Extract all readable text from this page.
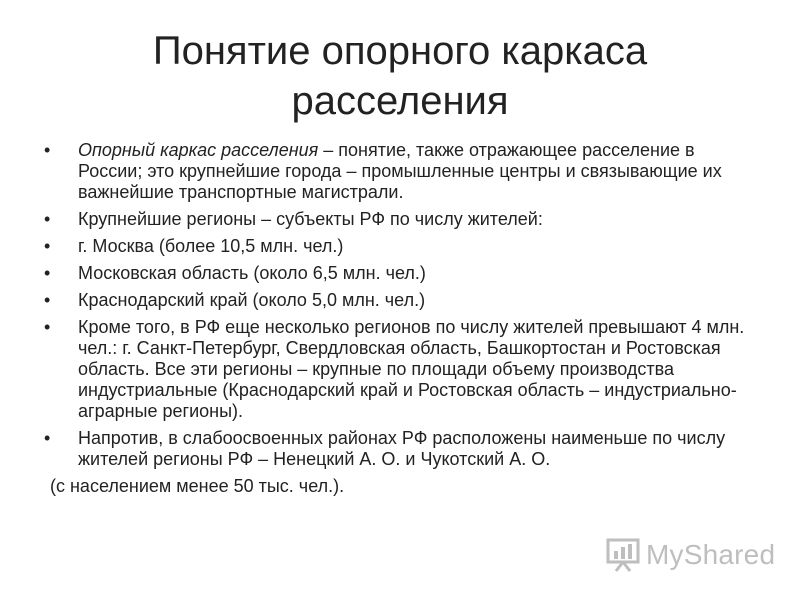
Понятие опорного каркаса
расселения
• Опорный каркас расселения – понятие, также отражающее расселение в России; это крупнейшие города – промышленные центры и связывающие их важнейшие транспортные магистрали.
• Крупнейшие регионы – субъекты РФ по числу жителей:
• г. Москва (более 10,5 млн. чел.)
• Московская область (около 6,5 млн. чел.)
• Краснодарский край (около 5,0 млн. чел.)
• Кроме того, в РФ еще несколько регионов по числу жителей превышают 4 млн. чел.: г. Санкт-Петербург, Свердловская область, Башкортостан и Ростовская область. Все эти регионы – крупные по площади объему производства индустриальные (Краснодарский край и Ростовская область – индустриально-аграрные регионы).
• Напротив, в слабоосвоенных районах РФ расположены наименьше по числу жителей регионы РФ – Ненецкий А. О. и Чукотский А. О.
(с населением менее 50 тыс. чел.).
MyShared
